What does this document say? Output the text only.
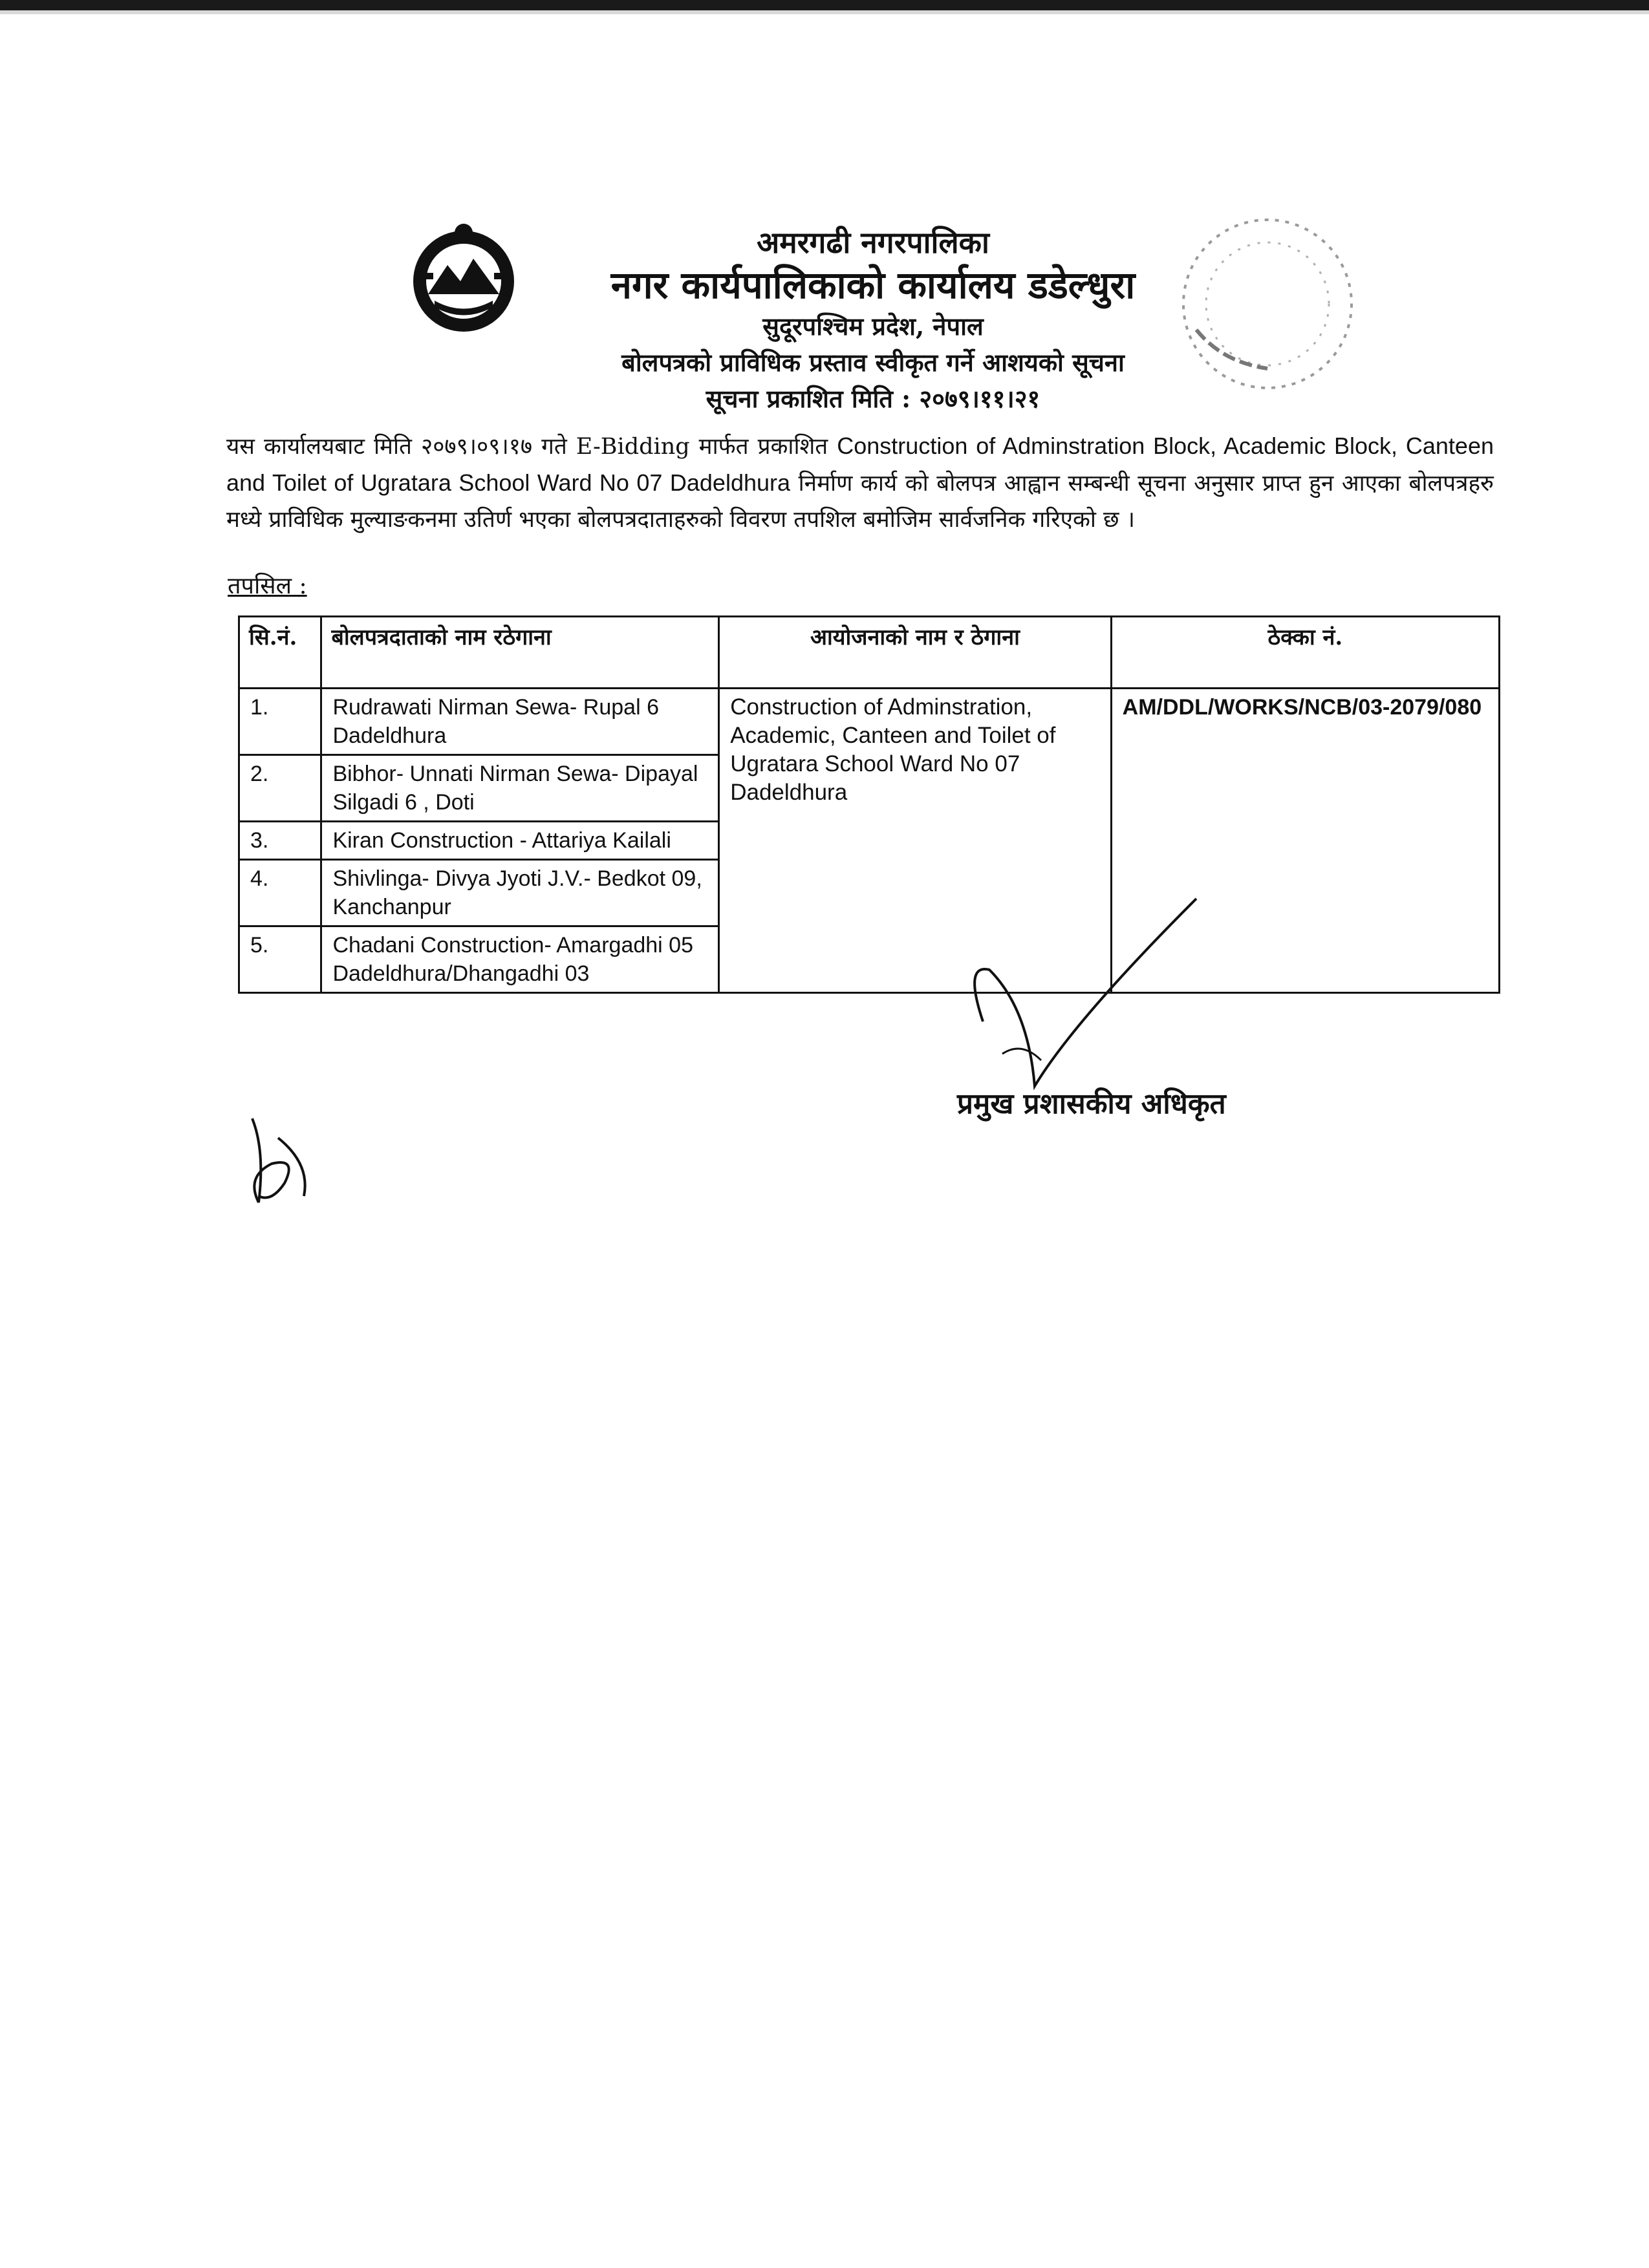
अमरगढी नगरपालिका
नगर कार्यपालिकाको कार्यालय डडेल्धुरा
सुदूरपश्चिम प्रदेश, नेपाल
बोलपत्रको प्राविधिक प्रस्ताव स्वीकृत गर्ने आशयको सूचना
सूचना प्रकाशित मिति : २०७९।११।२१
यस कार्यालयबाट मिति २०७९।०९।१७ गते E-Bidding मार्फत प्रकाशित Construction of Adminstration Block, Academic Block, Canteen and Toilet of Ugratara School Ward No 07 Dadeldhura निर्माण कार्य को बोलपत्र आह्वान सम्बन्धी सूचना अनुसार प्राप्त हुन आएका बोलपत्रहरु मध्ये प्राविधिक मुल्याङकनमा उतिर्ण भएका बोलपत्रदाताहरुको विवरण तपशिल बमोजिम सार्वजनिक गरिएको छ ।
तपसिल :
सि.नं.	बोलपत्रदाताको नाम रठेगाना	आयोजनाको नाम र ठेगाना	ठेक्का नं.
1.	Rudrawati Nirman Sewa- Rupal 6 Dadeldhura	Construction of Adminstration, Academic, Canteen and Toilet of Ugratara School Ward No 07 Dadeldhura	AM/DDL/WORKS/NCB/03-2079/080
2.	Bibhor- Unnati Nirman Sewa- Dipayal Silgadi 6 , Doti		
3.	Kiran Construction - Attariya Kailali		
4.	Shivlinga- Divya Jyoti J.V.- Bedkot 09, Kanchanpur		
5.	Chadani Construction- Amargadhi 05 Dadeldhura/Dhangadhi 03		
प्रमुख प्रशासकीय अधिकृत
